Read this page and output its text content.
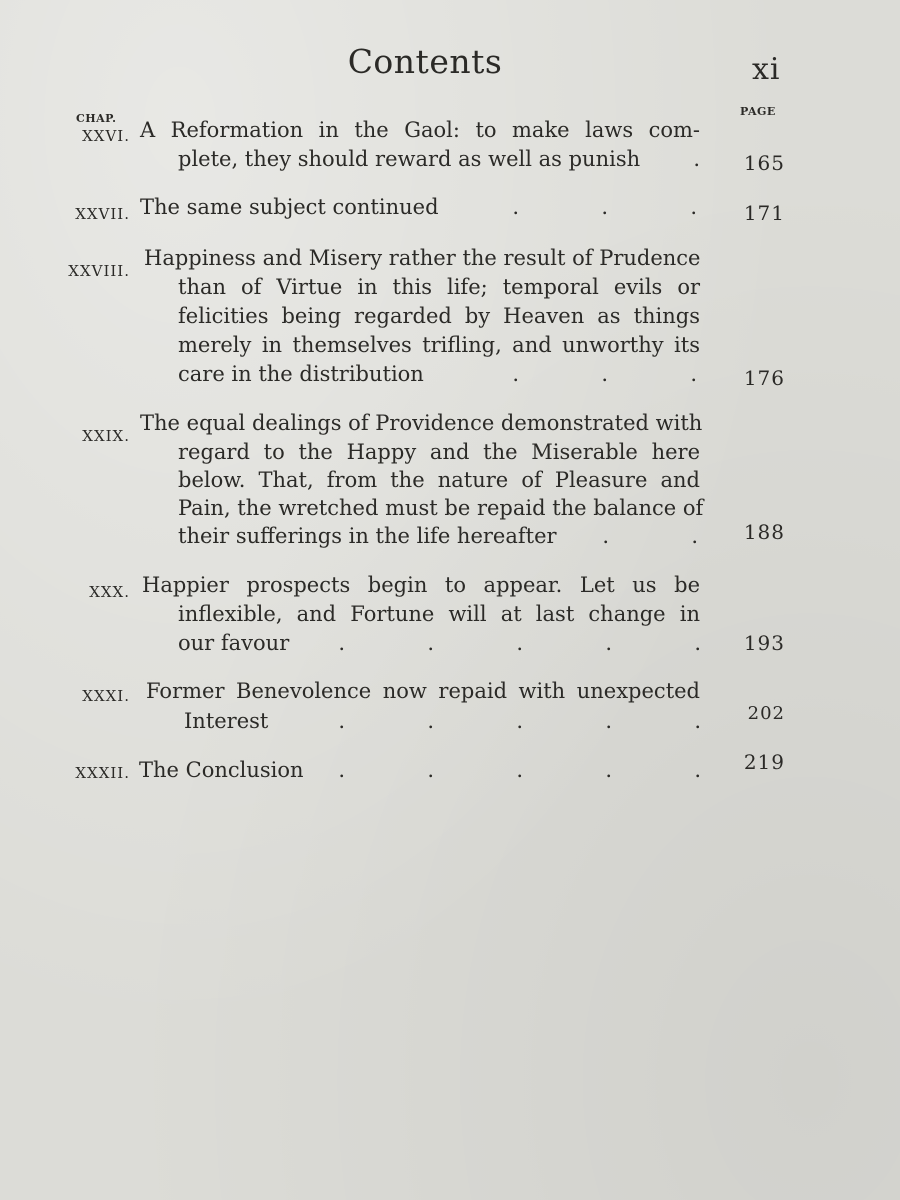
Contents	xi
CHAP.
PAGE
XXVI. A Reformation in the Gaol: to make laws com-
plete, they should reward as well as punish	.	165
XXVII. The same subject continued	.	.	.	171
XXVIII.
Happiness and Misery rather the result of Prudence
than of Virtue in this life; temporal evils or
felicities being regarded by Heaven as things
merely in themselves trifling, and unworthy its
care in the distribution	.	.	.	176
XXIX.
The equal dealings of Providence demonstrated with
regard to the Happy and the Miserable here
below. That, from the nature of Pleasure and
Pain, the wretched must be repaid the balance of
their sufferings in the life hereafter	.	.	188
XXX. Happier prospects begin to appear. Let us be
inflexible, and Fortune will at last change in
our favour	.	.	.	.	.	193
XXXI. Former Benevolence now repaid with unexpected
Interest	.	.	.	.	.	202
XXXII. The Conclusion	.	.	.	.	.	219
